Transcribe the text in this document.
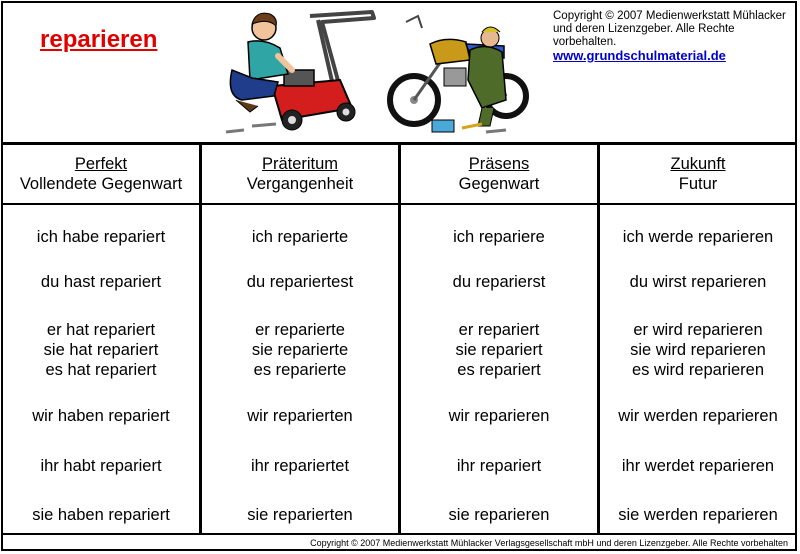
reparieren
Copyright © 2007 Medienwerkstatt Mühlacker
und deren Lizenzgeber. Alle Rechte vorbehalten.
www.grundschulmaterial.de
Perfekt
Vollendete Gegenwart
Präteritum
Vergangenheit
Präsens
Gegenwart
Zukunft
Futur
ich habe repariert
du hast repariert
er hat repariert
sie hat repariert
es hat repariert
wir haben repariert
ihr habt repariert
sie haben repariert
ich reparierte
du repariertest
er reparierte
sie reparierte
es reparierte
wir reparierten
ihr repariertet
sie reparierten
ich repariere
du reparierst
er repariert
sie repariert
es repariert
wir reparieren
ihr repariert
sie reparieren
ich werde reparieren
du wirst reparieren
er wird reparieren
sie wird reparieren
es wird reparieren
wir werden reparieren
ihr werdet reparieren
sie werden reparieren
Copyright © 2007 Medienwerkstatt Mühlacker Verlagsgesellschaft mbH und deren Lizenzgeber. Alle Rechte vorbehalten
